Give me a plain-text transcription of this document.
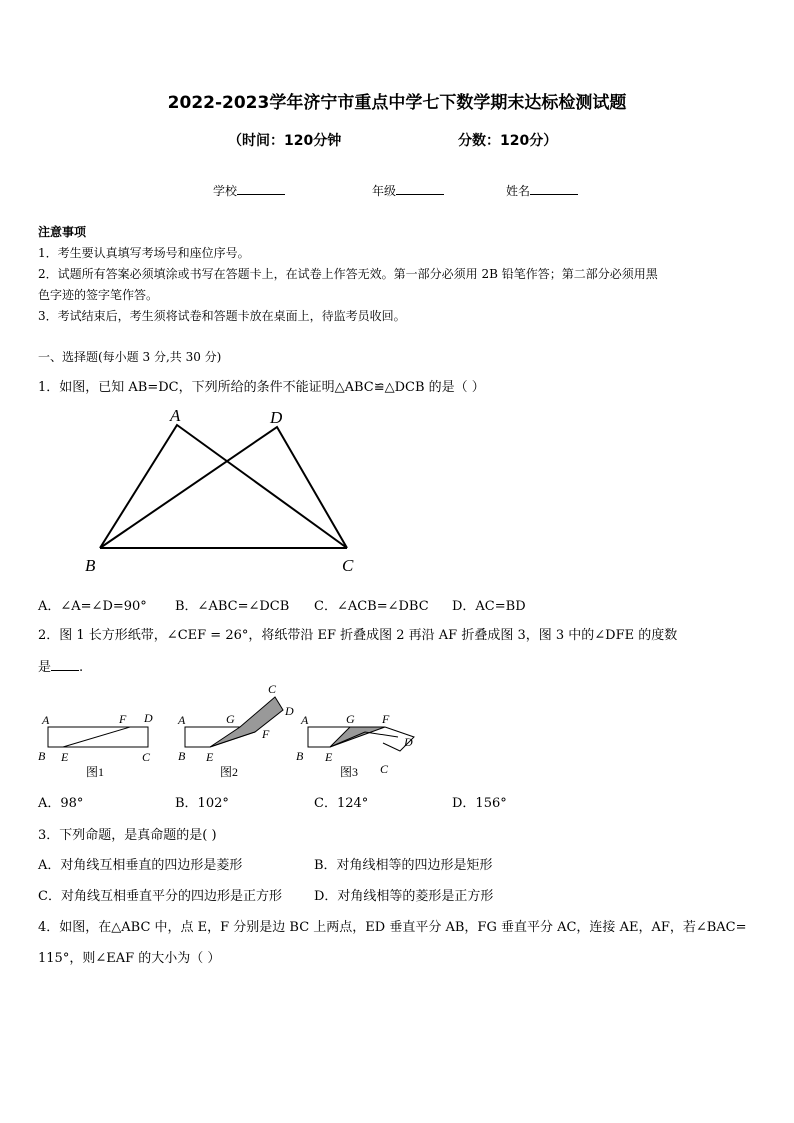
2022-2023学年济宁市重点中学七下数学期末达标检测试题
（时间：120分钟	分数：120分）
学校	年级	姓名
注意事项
1．考生要认真填写考场号和座位序号。
2．试题所有答案必须填涂或书写在答题卡上，在试卷上作答无效。第一部分必须用 2B 铅笔作答；第二部分必须用黑
色字迹的签字笔作答。
3．考试结束后，考生须将试卷和答题卡放在桌面上，待监考员收回。
一、选择题(每小题 3 分,共 30 分)
1．如图，已知 AB=DC，下列所给的条件不能证明△ABC≌△DCB 的是（ ）
A	D
B	C
A．∠A=∠D=90° B．∠ABC=∠DCB C．∠ACB=∠DBC D．AC=BD
2．图 1 长方形纸带，∠CEF = 26°，将纸带沿 EF 折叠成图 2 再沿 AF 折叠成图 3，图 3 中的∠DFE 的度数
是 .
A	F D
B E	C
图1
A	G
C
D
F
B E
图2
A	G F
D
B E
C
图3
A．98°	B．102°	C．124°	D．156°
3．下列命题，是真命题的是( )
A．对角线互相垂直的四边形是菱形	B．对角线相等的四边形是矩形
C．对角线互相垂直平分的四边形是正方形 D．对角线相等的菱形是正方形
4．如图，在△ABC 中，点 E，F 分别是边 BC 上两点，ED 垂直平分 AB，FG 垂直平分 AC，连接 AE，AF，若∠BAC=
115°，则∠EAF 的大小为（ ）
